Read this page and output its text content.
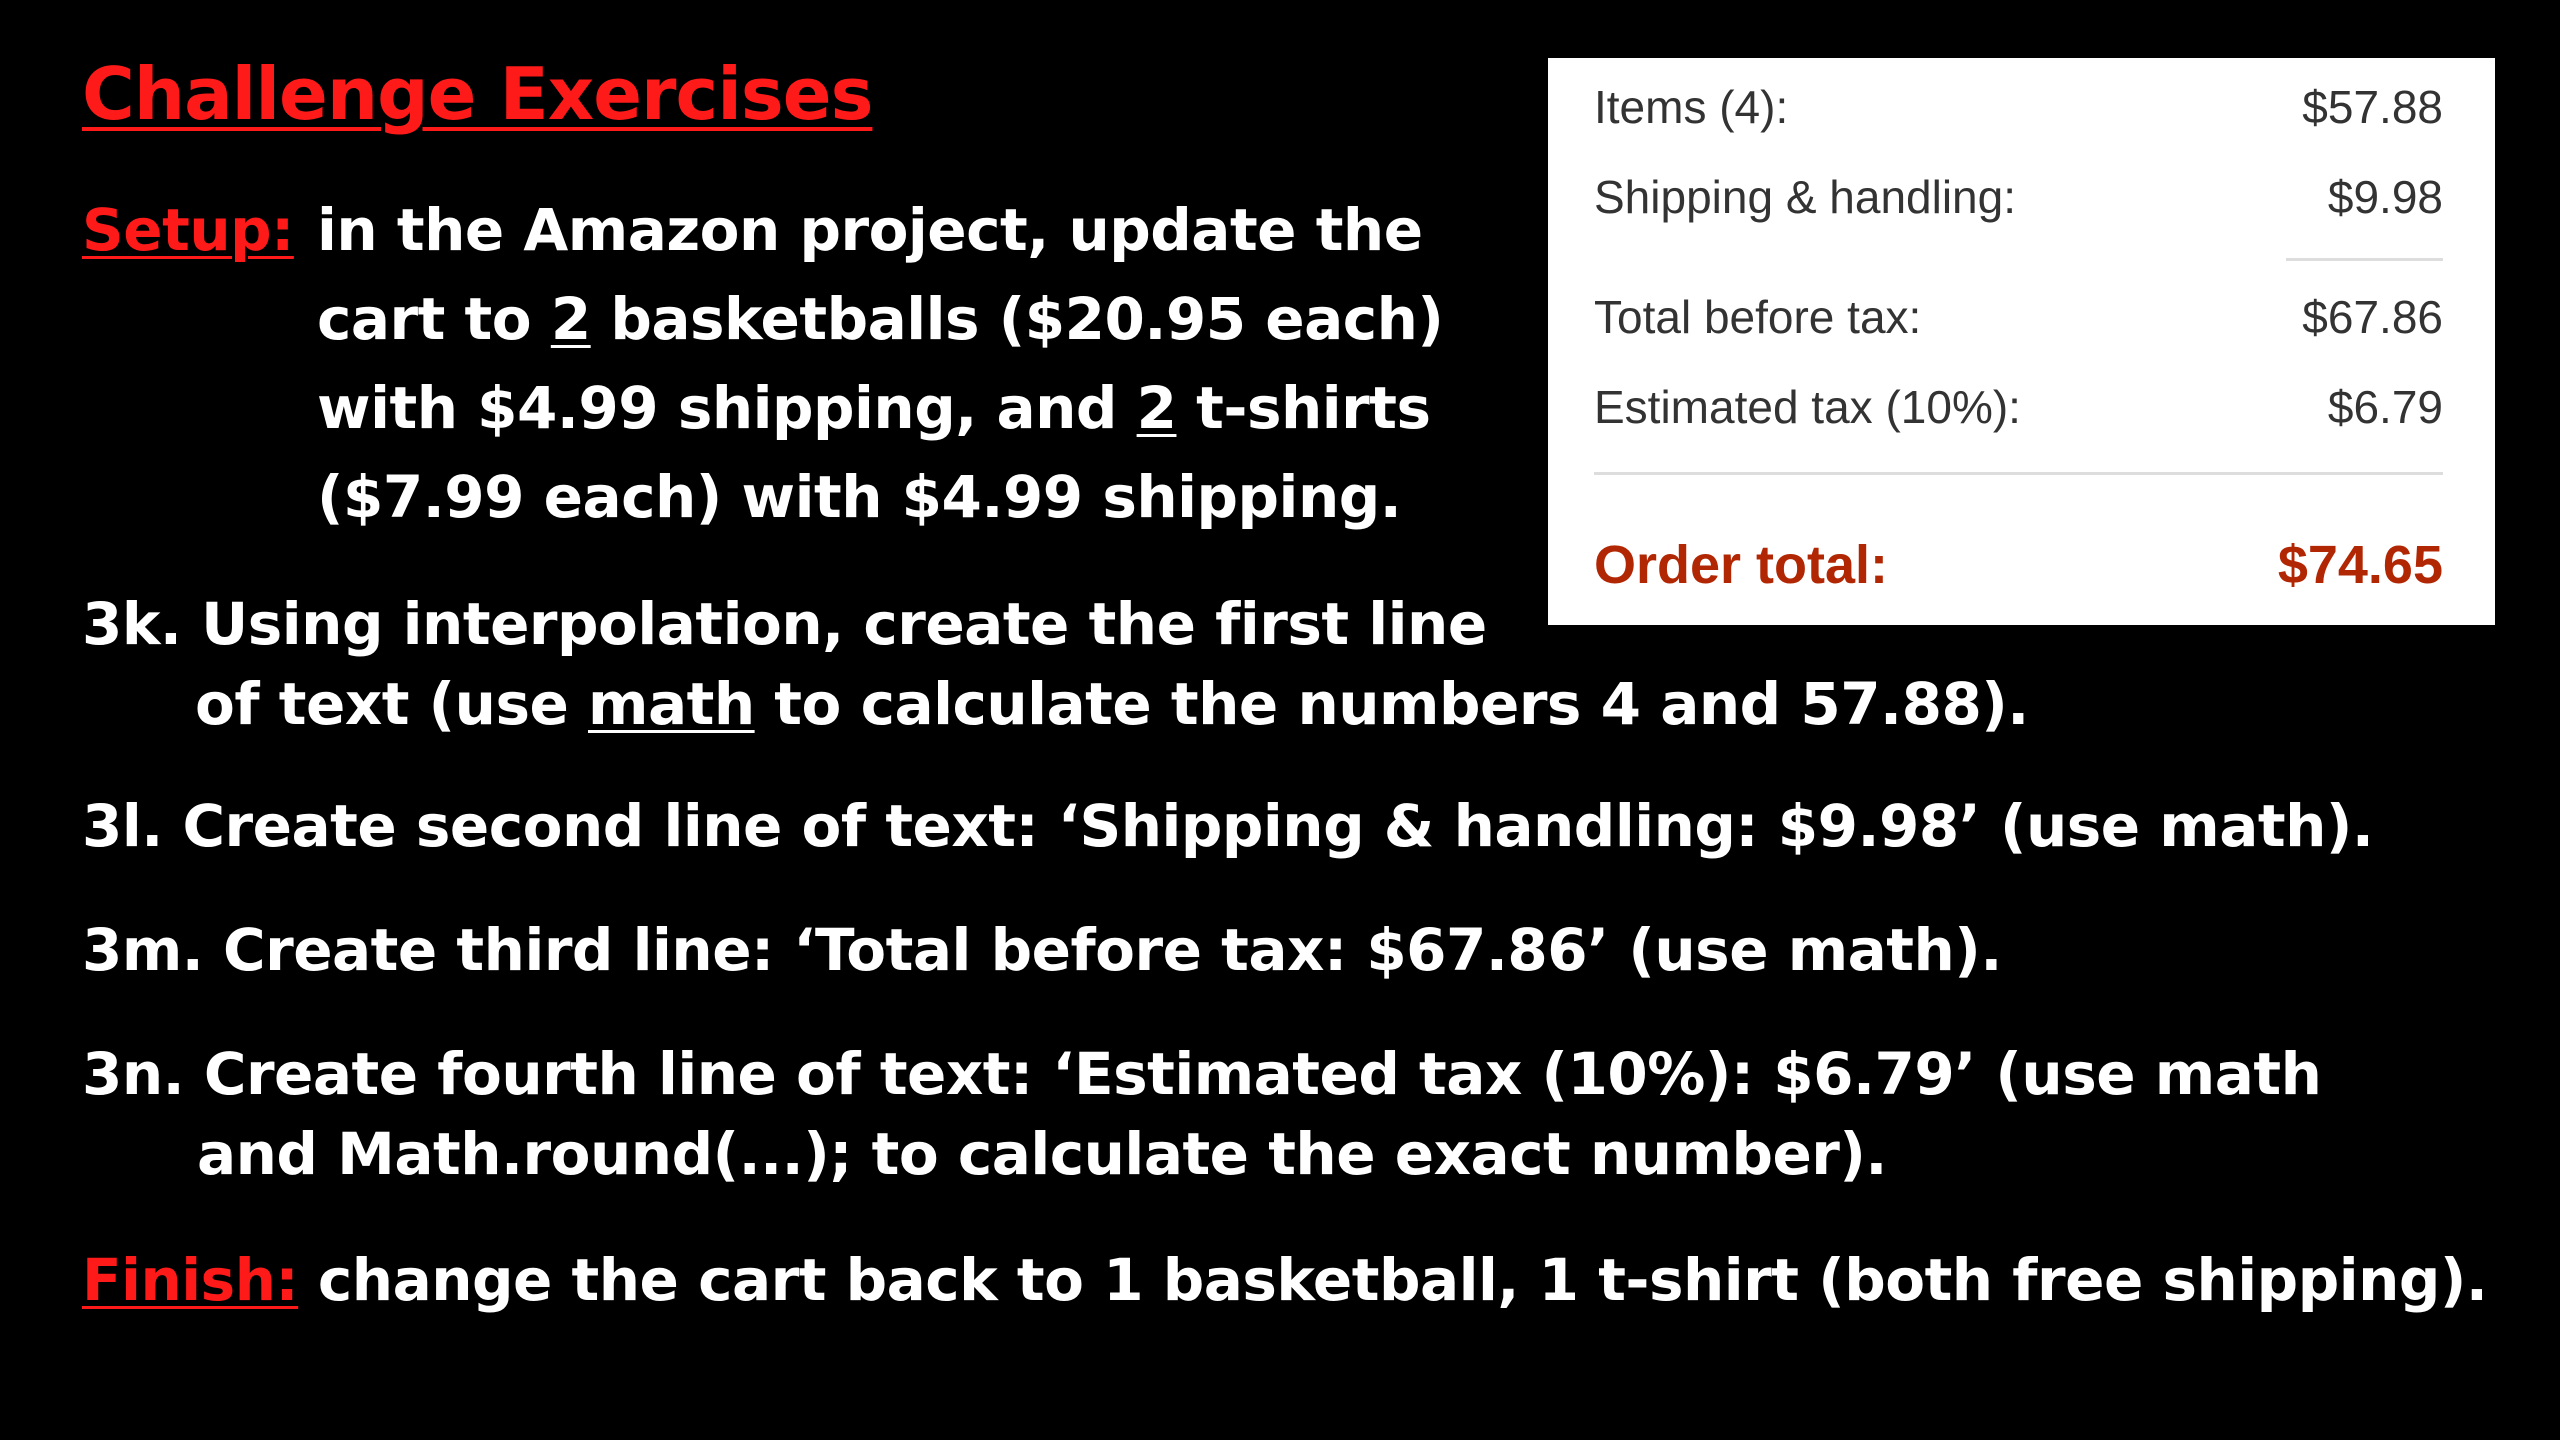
Challenge Exercises
Setup: in the Amazon project, update the
cart to 2 basketballs ($20.95 each)
with $4.99 shipping, and 2 t-shirts
($7.99 each) with $4.99 shipping.
3k. Using interpolation, create the first line
of text (use math to calculate the numbers 4 and 57.88).
3l. Create second line of text: ‘Shipping & handling: $9.98’ (use math).
3m. Create third line: ‘Total before tax: $67.86’ (use math).
3n. Create fourth line of text: ‘Estimated tax (10%): $6.79’ (use math
and Math.round(...); to calculate the exact number).
Finish: change the cart back to 1 basketball, 1 t-shirt (both free shipping).
Items (4):	$57.88
Shipping & handling:	$9.98
Total before tax:	$67.86
Estimated tax (10%):	$6.79
Order total:	$74.65
